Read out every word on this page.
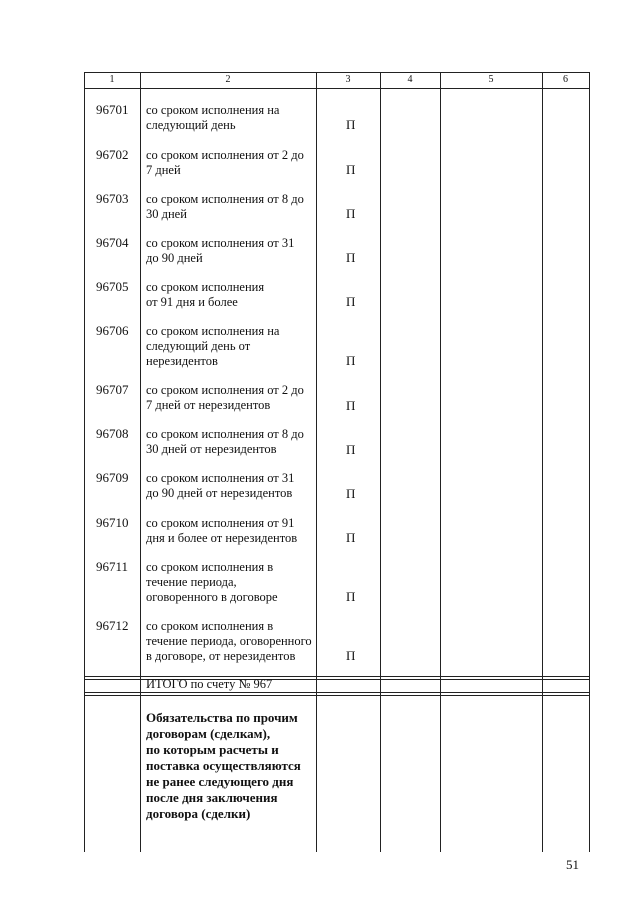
1	2	3	4	5	6
96701 со сроком исполнения на
следующий день	П
96702 со сроком исполнения от 2 до
7 дней	П
96703 со сроком исполнения от 8 до
30 дней	П
96704 со сроком исполнения от 31
до 90 дней	П
96705 со сроком исполнения
от 91 дня и более	П
96706 со сроком исполнения на
следующий день от
нерезидентов	П
96707 со сроком исполнения от 2 до
7 дней от нерезидентов	П
96708 со сроком исполнения от 8 до
30 дней от нерезидентов	П
96709 со сроком исполнения от 31
до 90 дней от нерезидентов	П
96710 со сроком исполнения от 91
дня и более от нерезидентов	П
96711 со сроком исполнения в
течение периода,
оговоренного в договоре	П
96712 со сроком исполнения в
течение периода, оговоренного
в договоре, от нерезидентов	П
ИТОГО по счету № 967
Обязательства по прочим
договорам (сделкам),
по которым расчеты и
поставка осуществляются
не ранее следующего дня
после дня заключения
договора (сделки)
51
